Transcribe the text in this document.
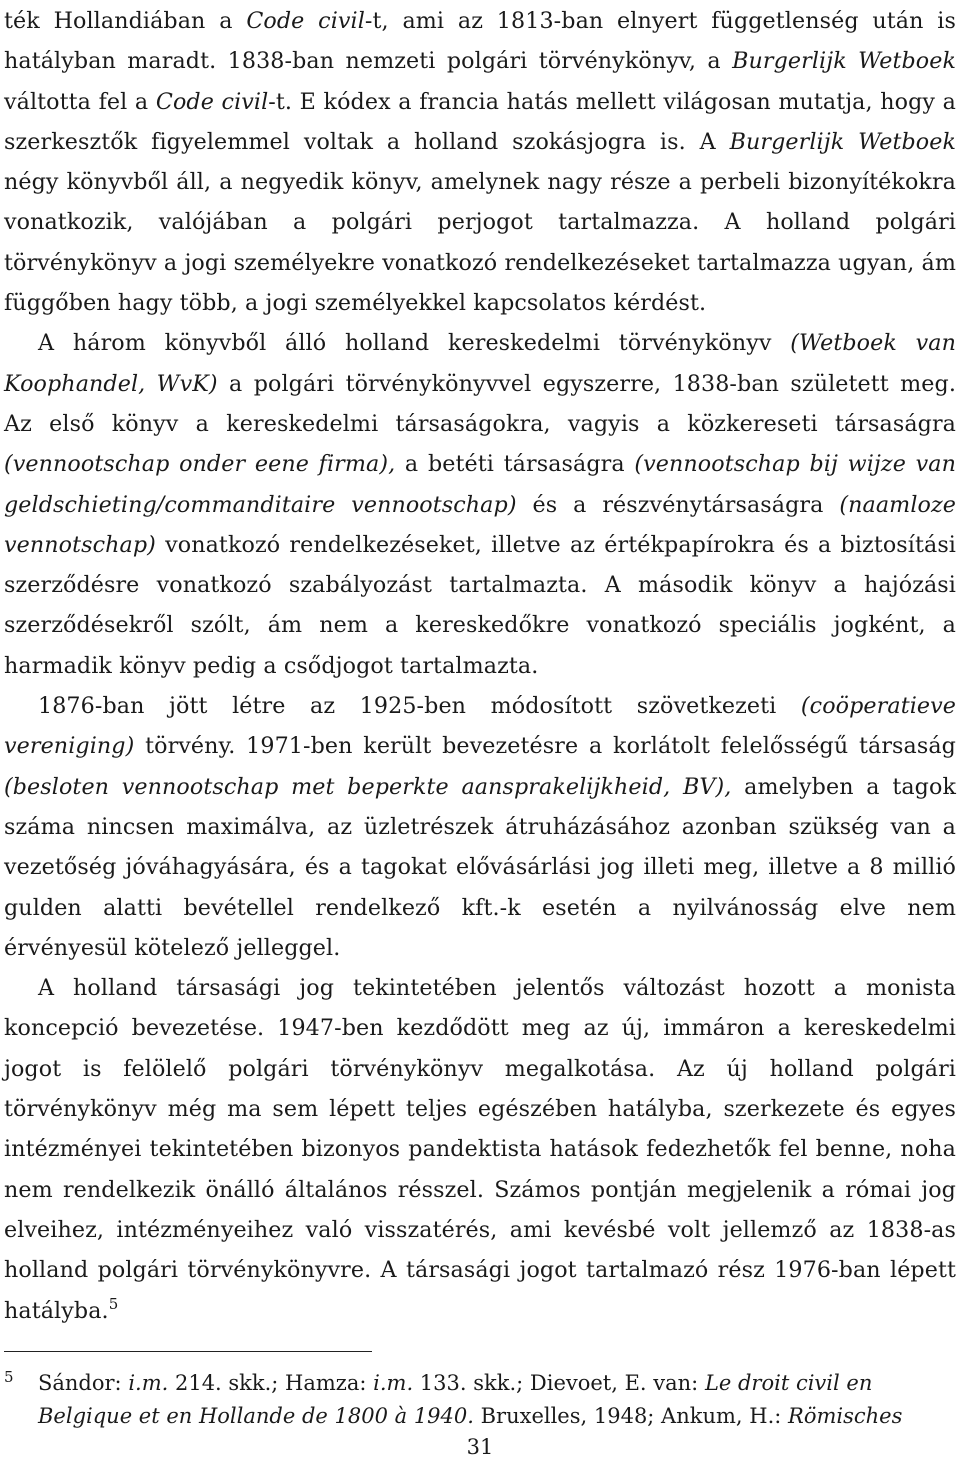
ték Hollandiában a Code civil-t, ami az 1813-ban elnyert függetlenség után is hatályban maradt. 1838-ban nemzeti polgári törvénykönyv, a Burgerlijk Wetboek váltotta fel a Code civil-t. E kódex a francia hatás mellett világosan mutatja, hogy a szerkesztők figyelemmel voltak a holland szokásjogra is. A Burgerlijk Wetboek négy könyvből áll, a negyedik könyv, amelynek nagy része a perbeli bizonyítékokra vonatkozik, valójában a polgári perjogot tartalmazza. A holland polgári törvénykönyv a jogi személyekre vonatkozó rendelkezéseket tartalmazza ugyan, ám függőben hagy több, a jogi személyekkel kapcsolatos kérdést.

A három könyvből álló holland kereskedelmi törvénykönyv (Wetboek van Koophandel, WvK) a polgári törvénykönyvvel egyszerre, 1838-ban született meg. Az első könyv a kereskedelmi társaságokra, vagyis a közkereseti társaságra (vennootschap onder eene firma), a betéti társaságra (vennootschap bij wijze van geldschieting/commanditaire vennootschap) és a részvénytársaságra (naamloze vennotschap) vonatkozó rendelkezéseket, illetve az értékpapírokra és a biztosítási szerződésre vonatkozó szabályozást tartalmazta. A második könyv a hajózási szerződésekről szólt, ám nem a kereskedőkre vonatkozó speciális jogként, a harmadik könyv pedig a csődjogot tartalmazta.

1876-ban jött létre az 1925-ben módosított szövetkezeti (coöperatieve vereniging) törvény. 1971-ben került bevezetésre a korlátolt felelősségű társaság (besloten vennootschap met beperkte aansprakelijkheid, BV), amelyben a tagok száma nincsen maximálva, az üzletrészek átruházásához azonban szükség van a vezetőség jóváhagyására, és a tagokat elővásárlási jog illeti meg, illetve a 8 millió gulden alatti bevétellel rendelkező kft.-k esetén a nyilvánosság elve nem érvényesül kötelező jelleggel.

A holland társasági jog tekintetében jelentős változást hozott a monista koncepció bevezetése. 1947-ben kezdődött meg az új, immáron a kereskedelmi jogot is felölelő polgári törvénykönyv megalkotása. Az új holland polgári törvénykönyv még ma sem lépett teljes egészében hatályba, szerkezete és egyes intézményei tekintetében bizonyos pandektista hatások fedezhetők fel benne, noha nem rendelkezik önálló általános résszel. Számos pontján megjelenik a római jog elveihez, intézményeihez való visszatérés, ami kevésbé volt jellemző az 1838-as holland polgári törvénykönyvre. A társasági jogot tartalmazó rész 1976-ban lépett hatályba.$^5$

5	Sándor: i.m. 214. skk.; Hamza: i.m. 133. skk.; Dievoet, E. van: Le droit civil en

Belgique et en Hollande de 1800 à 1940. Bruxelles, 1948; Ankum, H.: Römisches

31
